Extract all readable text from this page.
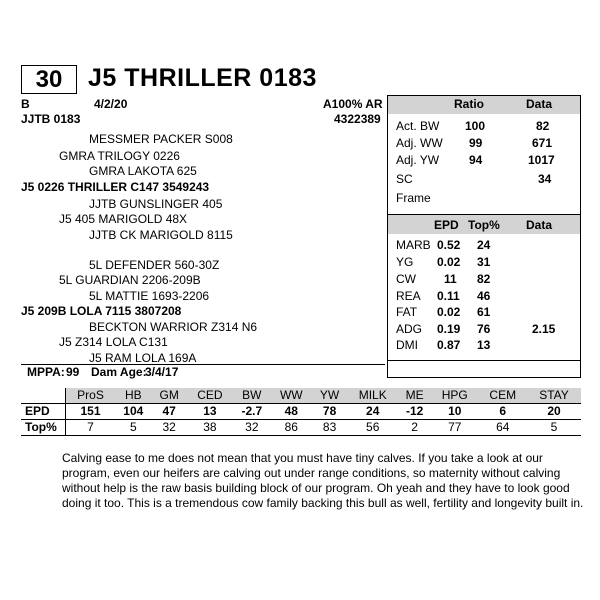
30	J5 THRILLER 0183
B	4/2/20	A100% AR
JJTB 0183	4322389
MESSMER PACKER S008
GMRA TRILOGY 0226
GMRA LAKOTA 625
J5 0226 THRILLER C147 3549243
JJTB GUNSLINGER 405
J5 405 MARIGOLD 48X
JJTB CK MARIGOLD 8115
5L DEFENDER 560-30Z
5L GUARDIAN 2206-209B
5L MATTIE 1693-2206
J5 209B LOLA 7115 3807208
BECKTON WARRIOR Z314 N6
J5 Z314 LOLA C131
J5 RAM LOLA 169A
MPPA: 99 Dam Age:
3/4/17
Ratio	Data
Act. BW 100	82
Adj. WW 99	671
Adj. YW 94	1017
SC	34
Frame
EPD Top% Data
MARB 0.52 24
YG 0.02 31
CW 11 82
REA 0.11 46
FAT 0.02 61
ADG 0.19 76	2.15
DMI 0.87 13
	ProS	HB	GM	CED	BW	WW	YW	MILK	ME	HPG	CEM	STAY
EPD	151	104	47	13	-2.7	48	78	24	-12	10	6	20
Top%	7	5	32	38	32	86	83	56	2	77	64	5
Calving ease to me does not mean that you must have tiny calves. If you take a look at our program, even our heifers are calving out under range conditions, so maternity without calving without help is the raw basis building block of our program. Oh yeah and they have to look good doing it too. This is a tremendous cow family backing this bull as well, fertility and longevity built in.
